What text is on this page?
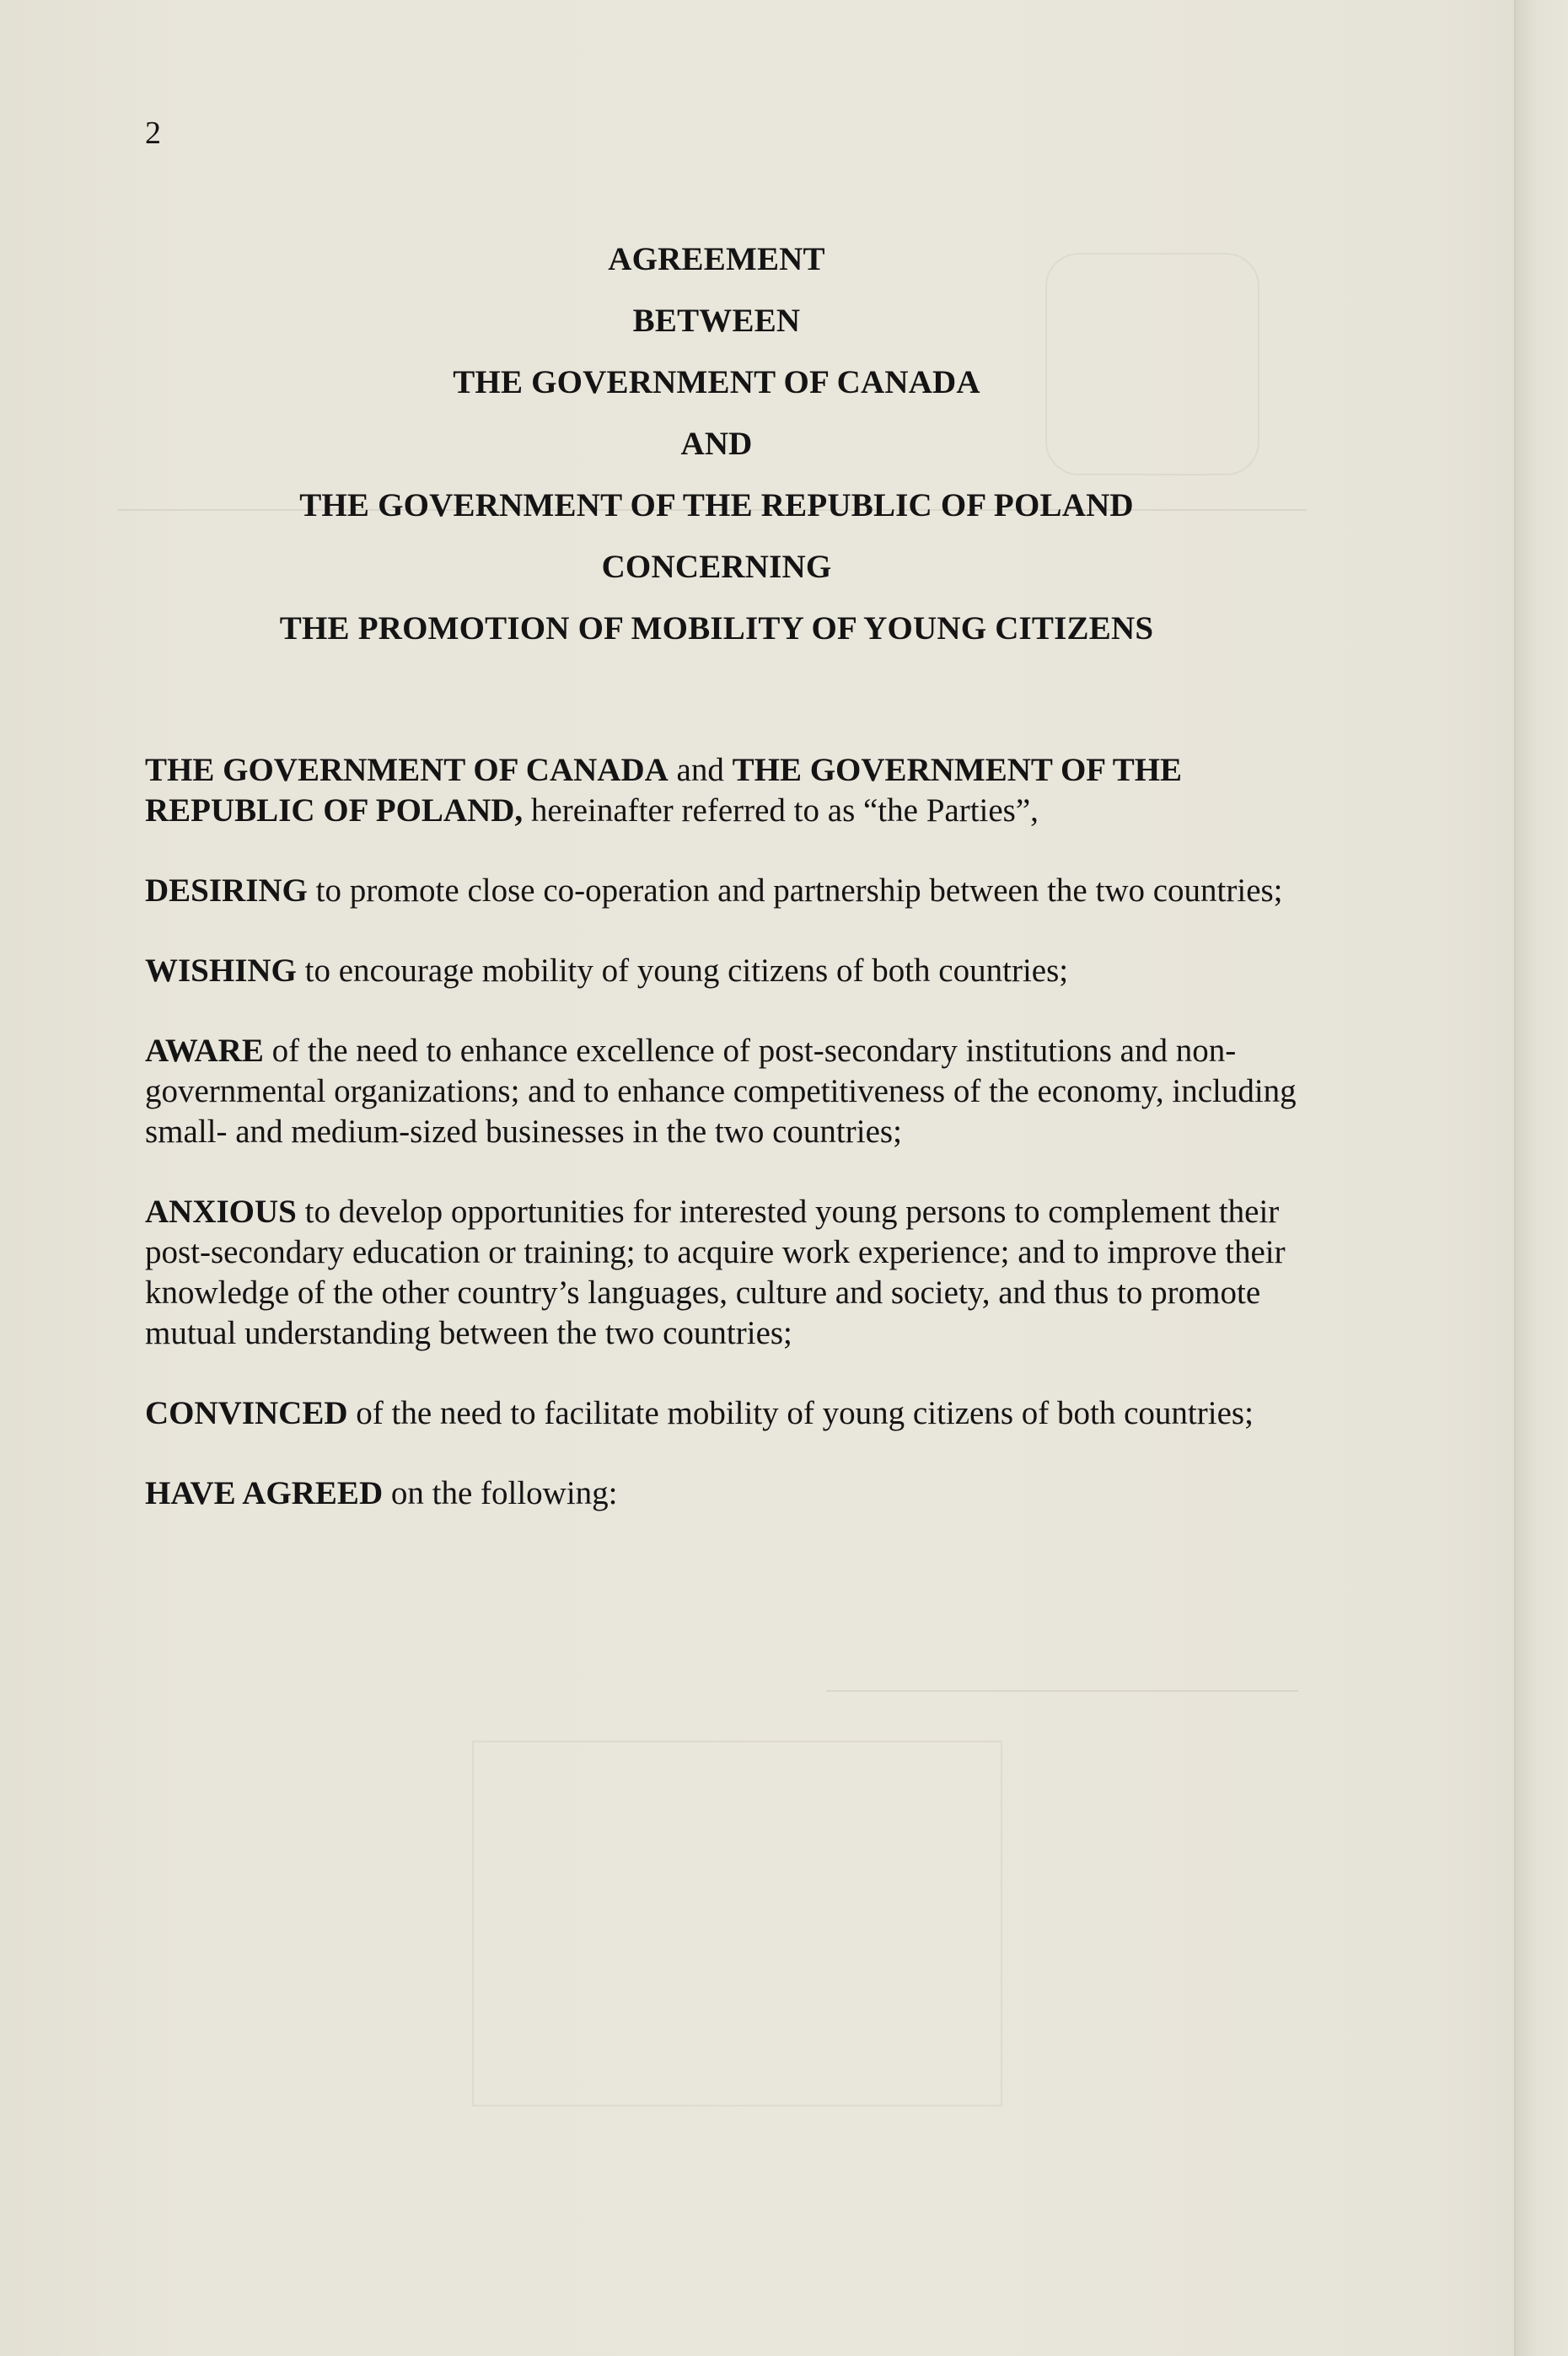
2
AGREEMENT
BETWEEN
THE GOVERNMENT OF CANADA
AND
THE GOVERNMENT OF THE REPUBLIC OF POLAND
CONCERNING
THE PROMOTION OF MOBILITY OF YOUNG CITIZENS

THE GOVERNMENT OF CANADA and THE GOVERNMENT OF THE REPUBLIC OF POLAND, hereinafter referred to as “the Parties”,

DESIRING to promote close co-operation and partnership between the two countries;

WISHING to encourage mobility of young citizens of both countries;

AWARE of the need to enhance excellence of post-secondary institutions and non-governmental organizations; and to enhance competitiveness of the economy, including small- and medium-sized businesses in the two countries;

ANXIOUS to develop opportunities for interested young persons to complement their post-secondary education or training; to acquire work experience; and to improve their knowledge of the other country’s languages, culture and society, and thus to promote mutual understanding between the two countries;

CONVINCED of the need to facilitate mobility of young citizens of both countries;

HAVE AGREED on the following:
